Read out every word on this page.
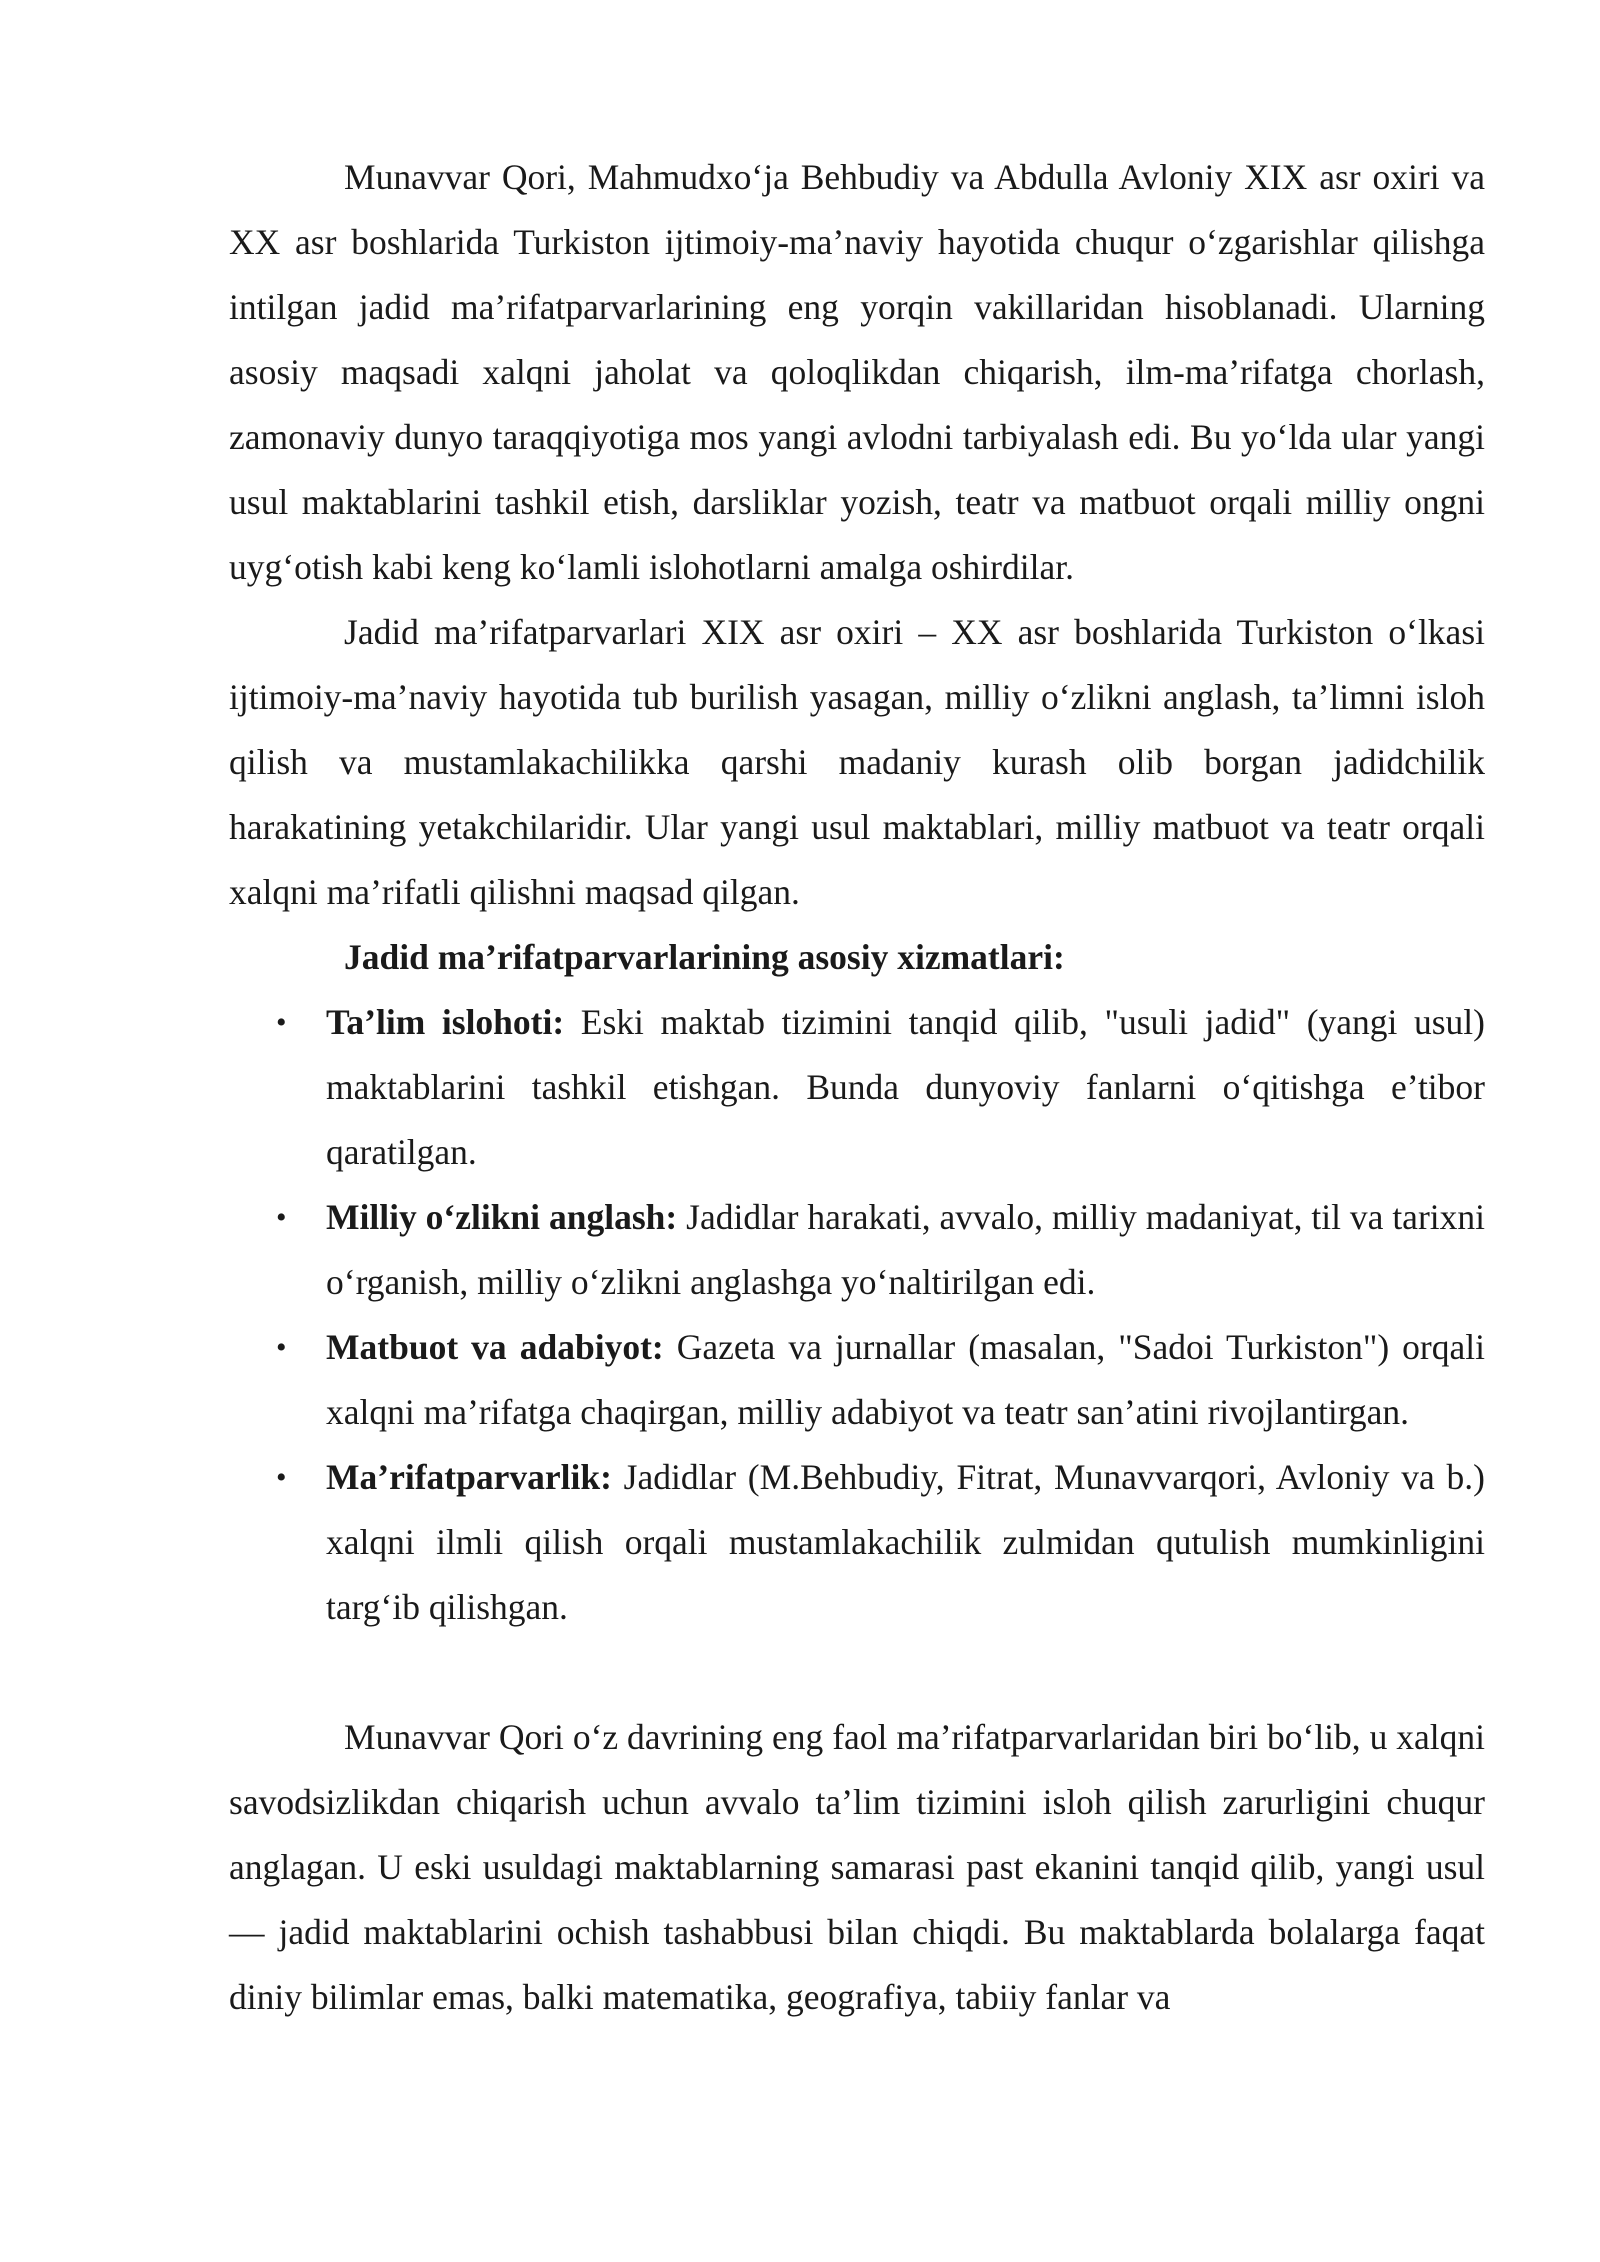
Munavvar Qori, Mahmudxo‘ja Behbudiy va Abdulla Avloniy XIX asr oxiri va XX asr boshlarida Turkiston ijtimoiy-ma’naviy hayotida chuqur o‘zgarishlar qilishga intilgan jadid ma’rifatparvarlarining eng yorqin vakillaridan hisoblanadi. Ularning asosiy maqsadi xalqni jaholat va qoloqlikdan chiqarish, ilm-ma’rifatga chorlash, zamonaviy dunyo taraqqiyotiga mos yangi avlodni tarbiyalash edi. Bu yo‘lda ular yangi usul maktablarini tashkil etish, darsliklar yozish, teatr va matbuot orqali milliy ongni uyg‘otish kabi keng ko‘lamli islohotlarni amalga oshirdilar.

Jadid ma’rifatparvarlari XIX asr oxiri – XX asr boshlarida Turkiston o‘lkasi ijtimoiy-ma’naviy hayotida tub burilish yasagan, milliy o‘zlikni anglash, ta’limni isloh qilish va mustamlakachilikka qarshi madaniy kurash olib borgan jadidchilik harakatining yetakchilaridir. Ular yangi usul maktablari, milliy matbuot va teatr orqali xalqni ma’rifatli qilishni maqsad qilgan.

Jadid ma’rifatparvarlarining asosiy xizmatlari:

• Ta’lim islohoti: Eski maktab tizimini tanqid qilib, "usuli jadid" (yangi usul) maktablarini tashkil etishgan. Bunda dunyoviy fanlarni o‘qitishga e’tibor qaratilgan.
• Milliy o‘zlikni anglash: Jadidlar harakati, avvalo, milliy madaniyat, til va tarixni o‘rganish, milliy o‘zlikni anglashga yo‘naltirilgan edi.
• Matbuot va adabiyot: Gazeta va jurnallar (masalan, "Sadoi Turkiston") orqali xalqni ma’rifatga chaqirgan, milliy adabiyot va teatr san’atini rivojlantirgan.
• Ma’rifatparvarlik: Jadidlar (M.Behbudiy, Fitrat, Munavvarqori, Avloniy va b.) xalqni ilmli qilish orqali mustamlakachilik zulmidan qutulish mumkinligini targ‘ib qilishgan.

Munavvar Qori o‘z davrining eng faol ma’rifatparvarlaridan biri bo‘lib, u xalqni savodsizlikdan chiqarish uchun avvalo ta’lim tizimini isloh qilish zarurligini chuqur anglagan. U eski usuldagi maktablarning samarasi past ekanini tanqid qilib, yangi usul — jadid maktablarini ochish tashabbusi bilan chiqdi. Bu maktablarda bolalarga faqat diniy bilimlar emas, balki matematika, geografiya, tabiiy fanlar va
